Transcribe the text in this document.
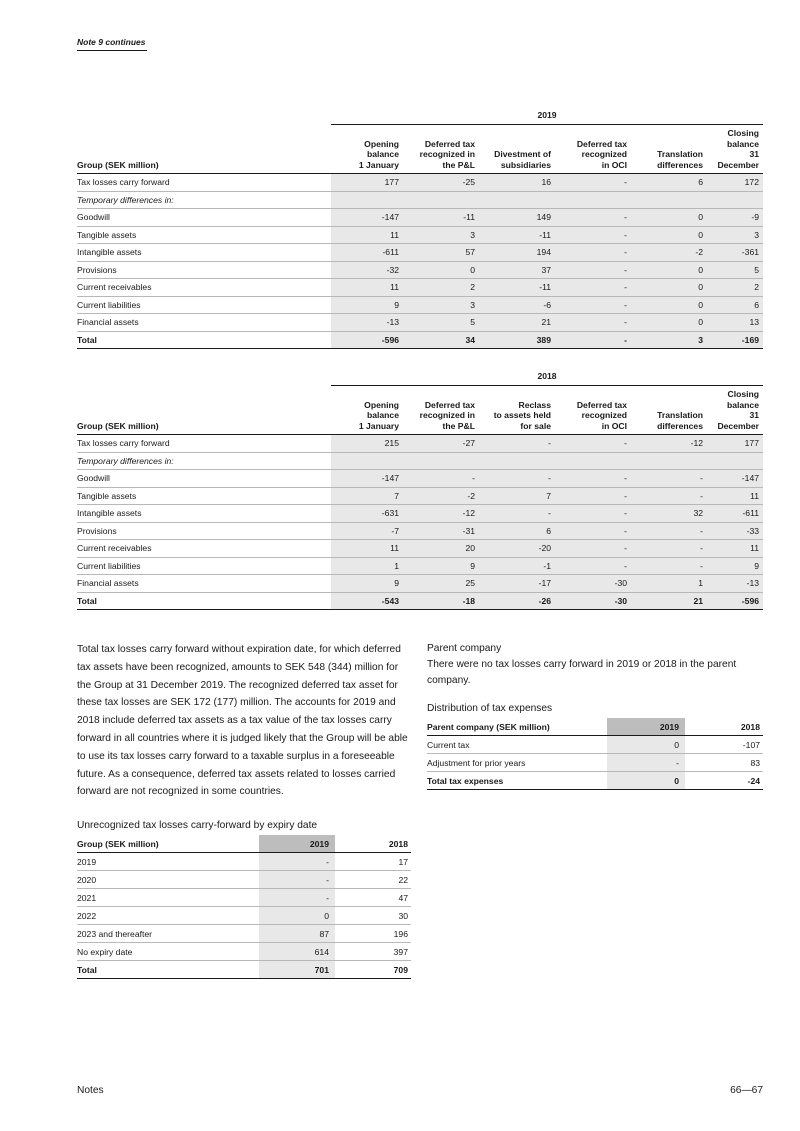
Note 9 continues
	2019					
Group (SEK million)	Opening
balance
1 January	Deferred tax
recognized in
the P&L	Divestment of
subsidiaries	Deferred tax
recognized
in OCI	Translation
differences	Closing
balance
31 December
Tax losses carry forward	177	-25	16	-	6	172
Temporary differences in:						
Goodwill	-147	-11	149	-	0	-9
Tangible assets	11	3	-11	-	0	3
Intangible assets	-611	57	194	-	-2	-361
Provisions	-32	0	37	-	0	5
Current receivables	11	2	-11	-	0	2
Current liabilities	9	3	-6	-	0	6
Financial assets	-13	5	21	-	0	13
Total	-596	34	389	-	3	-169
	2018					
Group (SEK million)	Opening
balance
1 January	Deferred tax
recognized in
the P&L	Reclass
to assets held
for sale	Deferred tax
recognized
in OCI	Translation
differences	Closing
balance
31 December
Tax losses carry forward	215	-27	-	-	-12	177
Temporary differences in:						
Goodwill	-147	-	-	-	-	-147
Tangible assets	7	-2	7	-	-	11
Intangible assets	-631	-12	-	-	32	-611
Provisions	-7	-31	6	-	-	-33
Current receivables	11	20	-20	-	-	11
Current liabilities	1	9	-1	-	-	9
Financial assets	9	25	-17	-30	1	-13
Total	-543	-18	-26	-30	21	-596

Total tax losses carry forward without expiration date, for which deferred tax assets have been recognized, amounts to SEK 548 (344) million for the Group at 31 December 2019. The recognized deferred tax asset for these tax losses are SEK 172 (177) million. The accounts for 2019 and 2018 include deferred tax assets as a tax value of the tax losses carry forward in all countries where it is judged likely that the Group will be able to use its tax losses carry forward to a taxable surplus in a foreseeable future. As a consequence, deferred tax assets related to losses carried forward are not recognized in some countries.

Parent company

There were no tax losses carry forward in 2019 or 2018 in the parent company.

Distribution of tax expenses
Parent company (SEK million)	2019	2018
Current tax	0	-107
Adjustment for prior years	-	83
Total tax expenses	0	-24
Unrecognized tax losses carry-forward by expiry date
Group (SEK million)	2019	2018
2019	-	17
2020	-	22
2021	-	47
2022	0	30
2023 and thereafter	87	196
No expiry date	614	397
Total	701	709
Notes	66—67
